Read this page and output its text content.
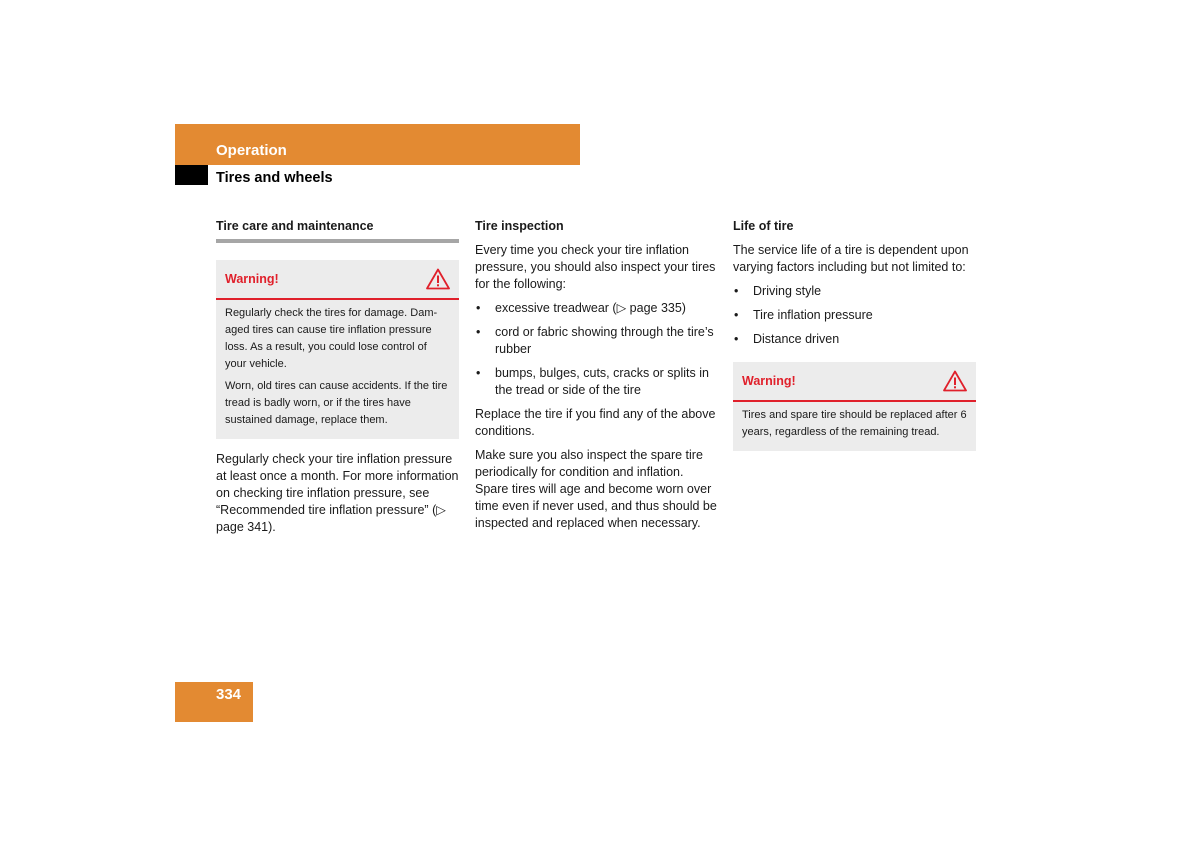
Operation
Tires and wheels
Tire care and maintenance
Warning!

Regularly check the tires for damage. Damaged tires can cause tire inflation pressure loss. As a result, you could lose control of your vehicle.

Worn, old tires can cause accidents. If the tire tread is badly worn, or if the tires have sustained damage, replace them.

Regularly check your tire inflation pressure at least once a month. For more information on checking tire inflation pressure, see “Recommended tire inflation pressure” (▷ page 341).

Tire inspection

Every time you check your tire inflation pressure, you should also inspect your tires for the following:

• excessive treadwear (▷ page 335)
• cord or fabric showing through the tire’s rubber
• bumps, bulges, cuts, cracks or splits in the tread or side of the tire

Replace the tire if you find any of the above conditions.

Make sure you also inspect the spare tire periodically for condition and inflation. Spare tires will age and become worn over time even if never used, and thus should be inspected and replaced when necessary.

Life of tire

The service life of a tire is dependent upon varying factors including but not limited to:

• Driving style
• Tire inflation pressure
• Distance driven
Warning!

Tires and spare tire should be replaced after 6 years, regardless of the remaining tread.

334
